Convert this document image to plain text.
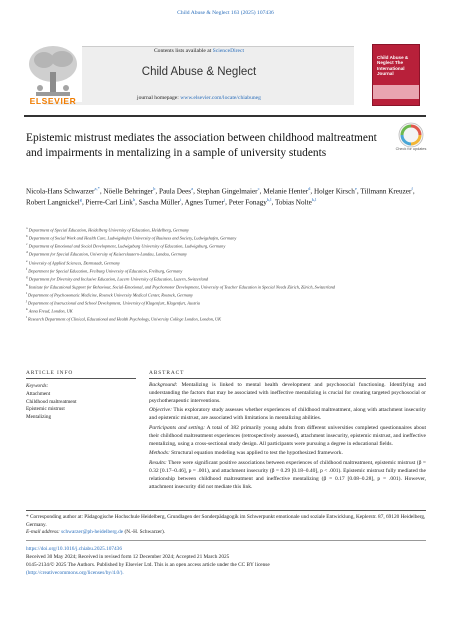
Child Abuse & Neglect 163 (2025) 107436
Contents lists available at ScienceDirect
Child Abuse & Neglect
journal homepage: www.elsevier.com/locate/chiabuneg
ELSEVIER
Child Abuse & Neglect The International Journal
Check for updates
Epistemic mistrust mediates the association between childhood maltreatment and impairments in mentalizing in a sample of university students
Nicola-Hans Schwarzer$^{a,*}$, Nöelle Behringer$^b$, Paula Dees$^a$, Stephan Gingelmaier$^c$, Melanie Henter$^d$, Holger Kirsch$^e$, Tillmann Kreuzer$^f$, Robert Langnickel$^g$, Pierre-Carl Link$^h$, Sascha Müller$^i$, Agnes Turner$^j$, Peter Fonagy$^{k,l}$, Tobias Nolte$^{k,l}$
$^a$ Department of Special Education, Heidelberg University of Education, Heidelberg, Germany
$^b$ Department of Social Work and Health Care, Ludwigshafen University of Business and Society, Ludwigshafen, Germany
$^c$ Department of Emotional and Social Development, Ludwigsburg University of Education, Ludwigsburg, Germany
$^d$ Department for Special Education, University of Kaiserslautern-Landau, Landau, Germany
$^e$ University of Applied Sciences, Darmstadt, Germany
$^f$ Department for Special Education, Freiburg University of Education, Freiburg, Germany
$^g$ Department for Diversity and Inclusive Education, Lucern University of Education, Luzern, Switzerland
$^h$ Institute for Educational Support for Behaviour, Social-Emotional, and Psychomotor Development, University of Teacher Education in Special Needs Zürich, Zürich, Switzerland
$^i$ Department of Psychosomatic Medicine, Rostock University Medical Center, Rostock, Germany
$^j$ Department of Instructional and School Development, University of Klagenfurt, Klagenfurt, Austria
$^k$ Anna Freud, London, UK
$^l$ Research Department of Clinical, Educational and Health Psychology, University College London, London, UK
ARTICLE INFO	ABSTRACT
Keywords:
Attachment
Childhood maltreatment
Epistemic mistrust
Mentalizing

Background: Mentalizing is linked to mental health development and psychosocial functioning. Identifying and understanding the factors that may be associated with ineffective mentalizing is crucial for creating targeted psychosocial or psychotherapeutic interventions.

Objective: This exploratory study assesses whether experiences of childhood maltreatment, along with attachment insecurity and epistemic mistrust, are associated with limitations in mentalizing abilities.

Participants and setting: A total of 382 primarily young adults from different universities completed questionnaires about their childhood maltreatment experiences (retrospectively assessed), attachment insecurity, epistemic mistrust, and ineffective mentalizing, using a cross-sectional study design. All participants were pursuing a degree in educational fields.

Methods: Structural equation modeling was applied to test the hypothesized framework.

Results: There were significant positive associations between experiences of childhood maltreatment, epistemic mistrust (β = 0.32 [0.17–0.46], p = .001), and attachment insecurity (β = 0.29 [0.18–0.40], p < .001). Epistemic mistrust fully mediated the relationship between childhood maltreatment and ineffective mentalizing (β = 0.17 [0.08–0.28], p = .001). However, attachment insecurity did not mediate this link.

* Corresponding author at: Pädagogische Hochschule Heidelberg, Grundlagen der Sonderpädagogik im Schwerpunkt emotionale und soziale Entwicklung, Keplerstr. 87, 69120 Heidelberg, Germany.
E-mail address: schwarzer@ph-heidelberg.de (N.-H. Schwarzer).
https://doi.org/10.1016/j.chiabu.2025.107436
Received 30 May 2024; Received in revised form 12 December 2024; Accepted 21 March 2025
0145-2134/© 2025 The Authors. Published by Elsevier Ltd. This is an open access article under the CC BY license
(http://creativecommons.org/licenses/by/4.0/).
